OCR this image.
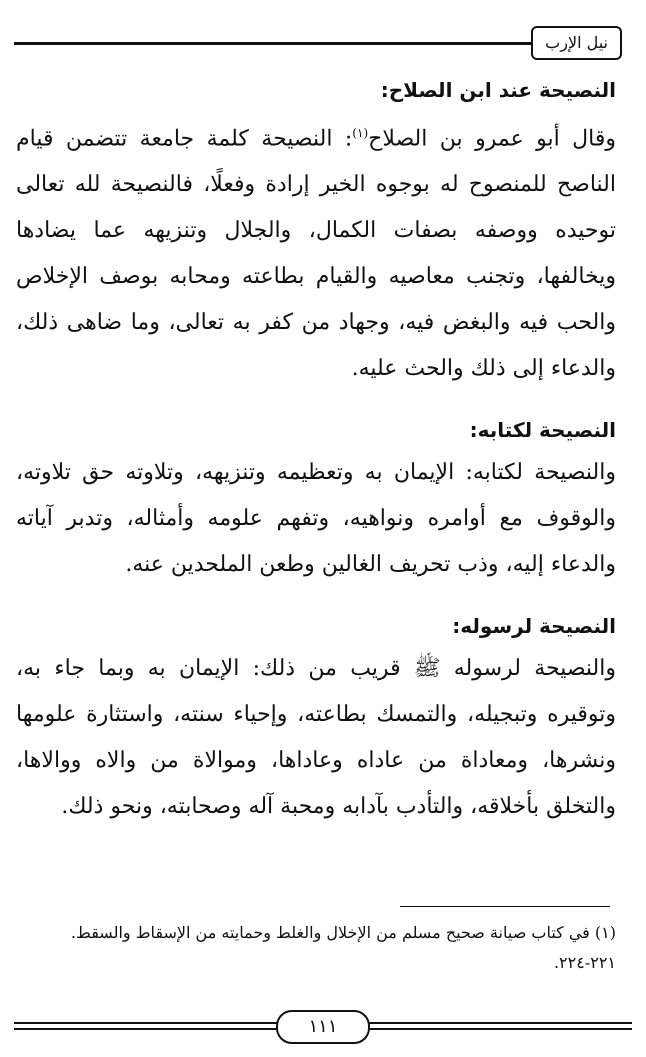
نيل الإرب
النصيحة عند ابن الصلاح:

وقال أبو عمرو بن الصلاح$^{(١)}$: النصيحة كلمة جامعة تتضمن قيام الناصح للمنصوح له بوجوه الخير إرادة وفعلًا، فالنصيحة لله تعالى توحيده ووصفه بصفات الكمال، والجلال وتنزيهه عما يضادها ويخالفها، وتجنب معاصيه والقيام بطاعته ومحابه بوصف الإخلاص والحب فيه والبغض فيه، وجهاد من كفر به تعالى، وما ضاهى ذلك، والدعاء إلى ذلك والحث عليه.

النصيحة لكتابه:

والنصيحة لكتابه: الإيمان به وتعظيمه وتنزيهه، وتلاوته حق تلاوته، والوقوف مع أوامره ونواهيه، وتفهم علومه وأمثاله، وتدبر آياته والدعاء إليه، وذب تحريف الغالين وطعن الملحدين عنه.

النصيحة لرسوله:

والنصيحة لرسوله ﷺ قريب من ذلك: الإيمان به وبما جاء به، وتوقيره وتبجيله، والتمسك بطاعته، وإحياء سنته، واستثارة علومها ونشرها، ومعاداة من عاداه وعاداها، وموالاة من والاه ووالاها، والتخلق بأخلاقه، والتأدب بآدابه ومحبة آله وصحابته، ونحو ذلك.

(١) في كتاب صيانة صحيح مسلم من الإخلال والغلط وحمايته من الإسقاط والسقط.
٢٢١-٢٢٤.
١١١
